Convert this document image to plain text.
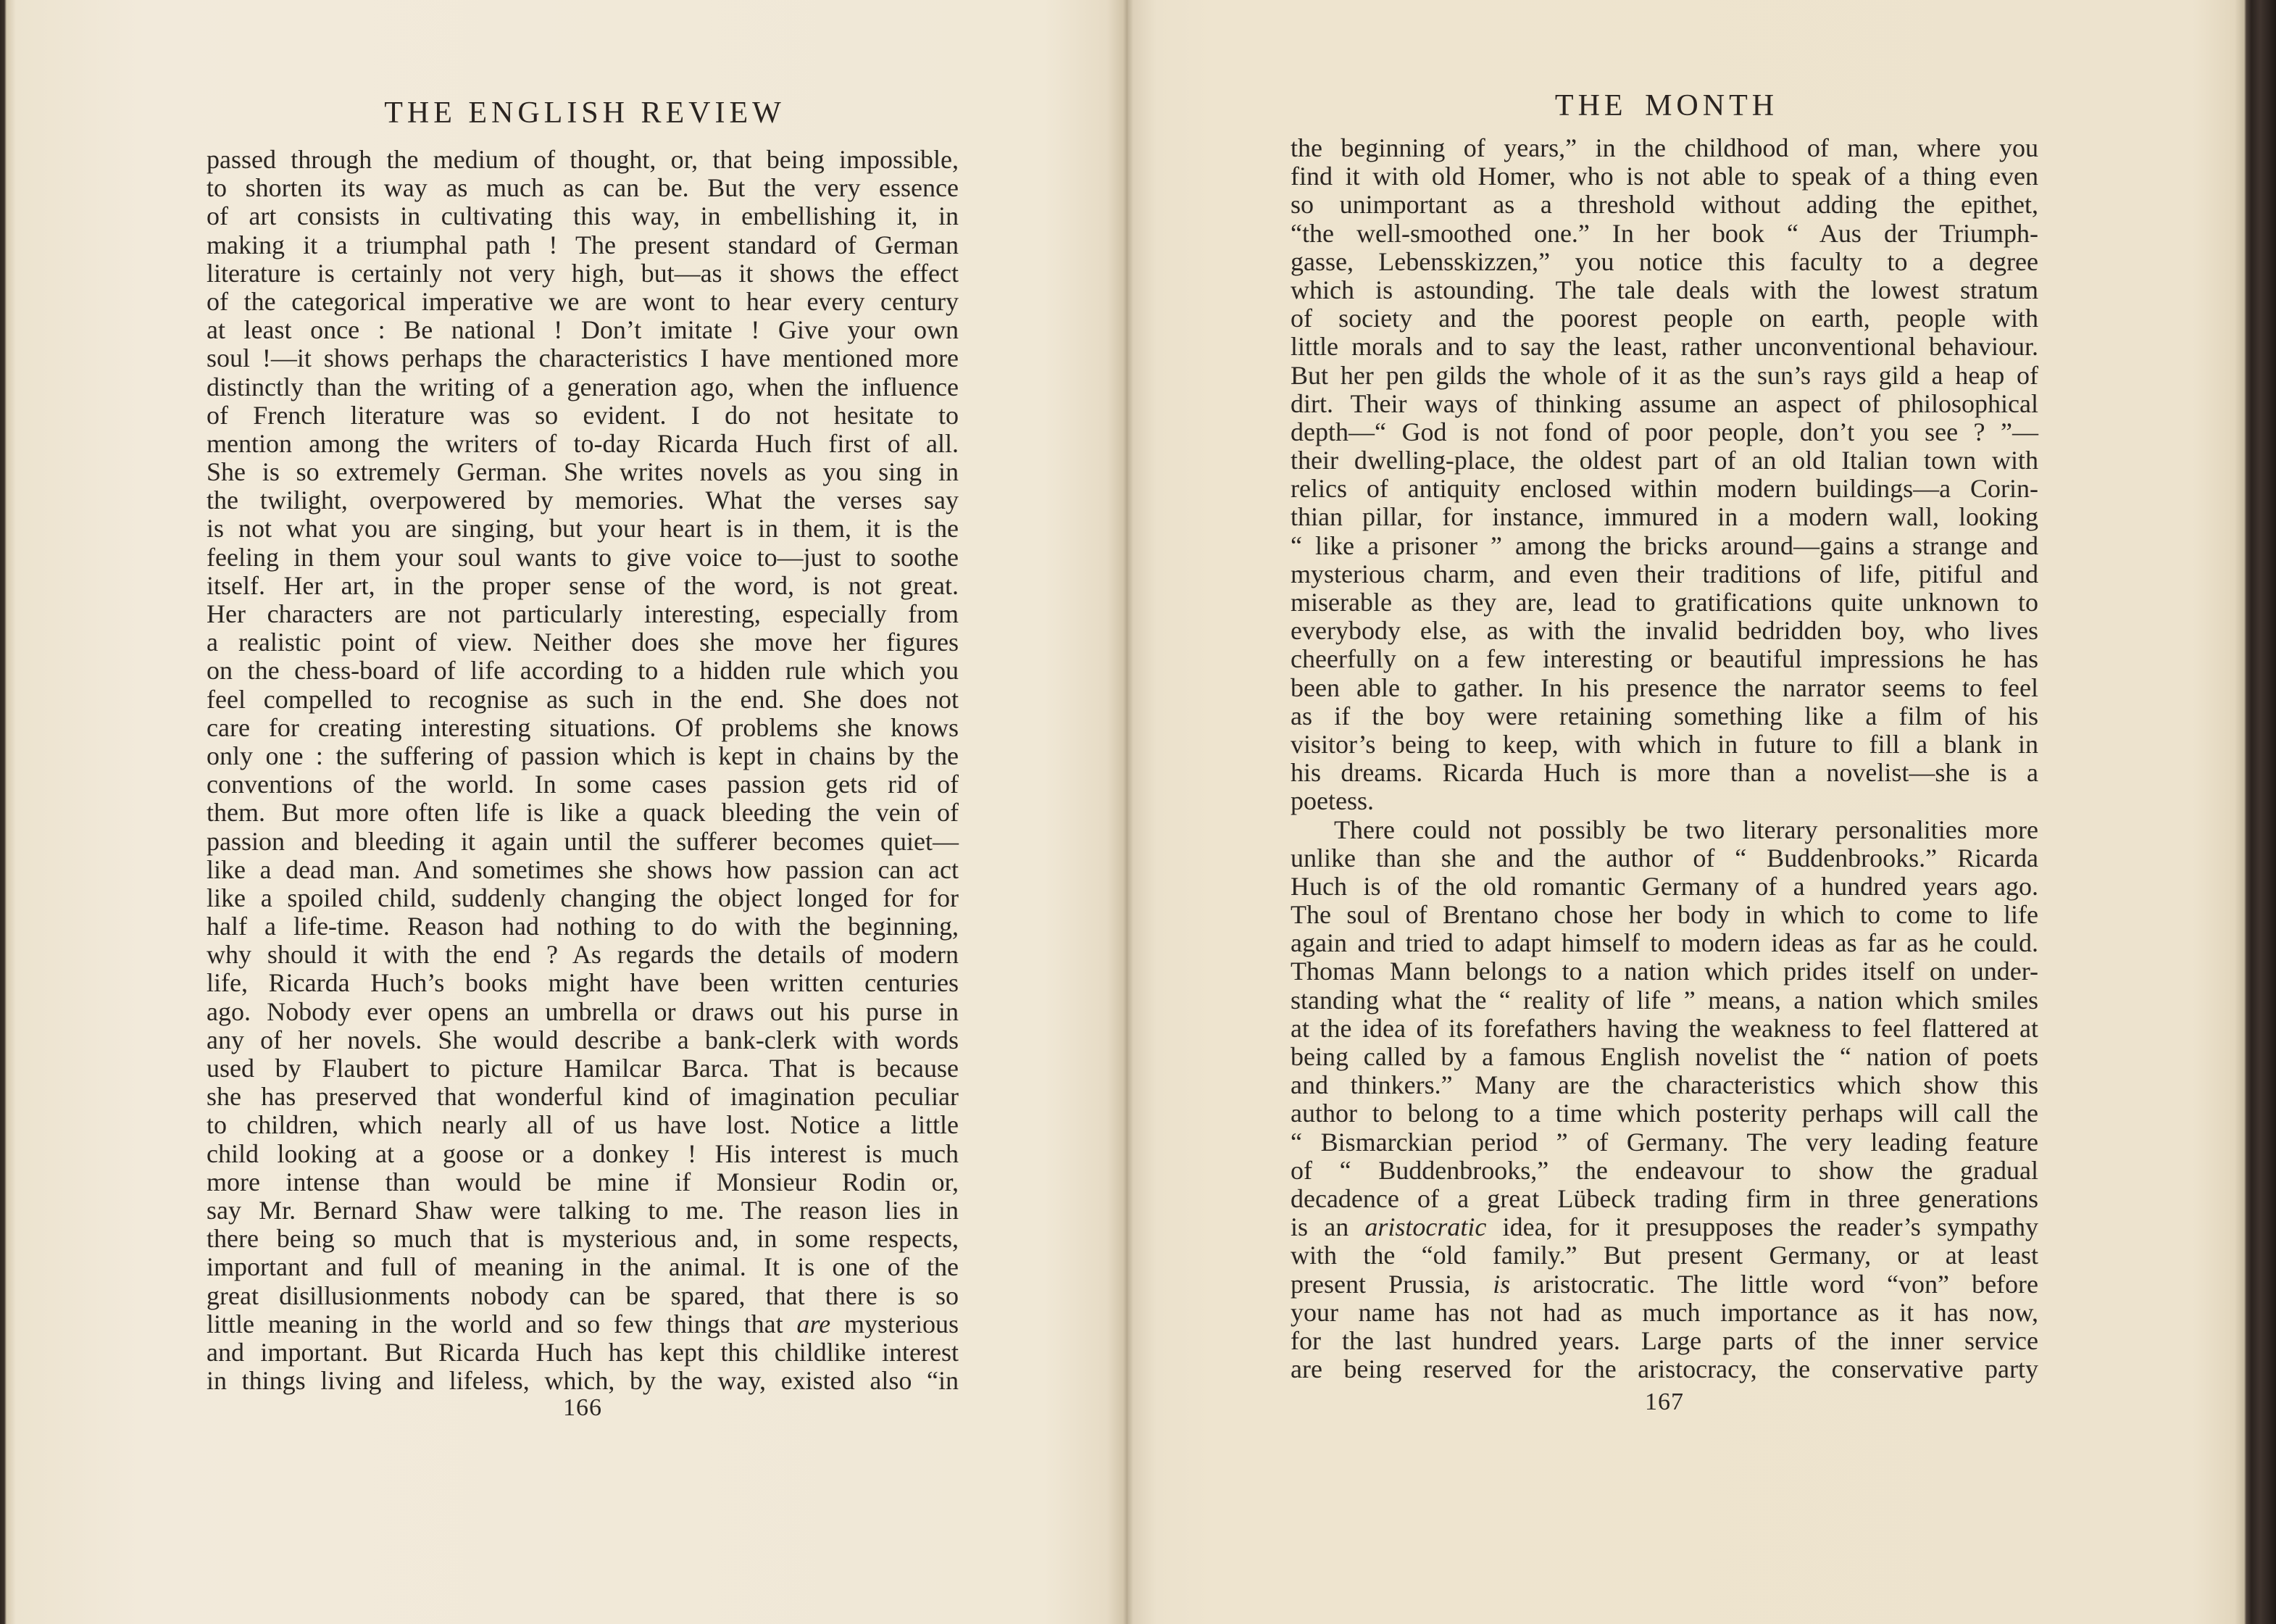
THE ENGLISH REVIEW
passed through the medium of thought, or, that being impossible,
to shorten its way as much as can be. But the very essence
of art consists in cultivating this way, in embellishing it, in
making it a triumphal path ! The present standard of German
literature is certainly not very high, but—as it shows the effect
of the categorical imperative we are wont to hear every century
at least once : Be national ! Don’t imitate ! Give your own
soul !—it shows perhaps the characteristics I have mentioned more
distinctly than the writing of a generation ago, when the influence
of French literature was so evident. I do not hesitate to
mention among the writers of to-day Ricarda Huch first of all.
She is so extremely German. She writes novels as you sing in
the twilight, overpowered by memories. What the verses say
is not what you are singing, but your heart is in them, it is the
feeling in them your soul wants to give voice to—just to soothe
itself. Her art, in the proper sense of the word, is not great.
Her characters are not particularly interesting, especially from
a realistic point of view. Neither does she move her figures
on the chess-board of life according to a hidden rule which you
feel compelled to recognise as such in the end. She does not
care for creating interesting situations. Of problems she knows
only one : the suffering of passion which is kept in chains by the
conventions of the world. In some cases passion gets rid of
them. But more often life is like a quack bleeding the vein of
passion and bleeding it again until the sufferer becomes quiet—
like a dead man. And sometimes she shows how passion can act
like a spoiled child, suddenly changing the object longed for for
half a life-time. Reason had nothing to do with the beginning,
why should it with the end ? As regards the details of modern
life, Ricarda Huch’s books might have been written centuries
ago. Nobody ever opens an umbrella or draws out his purse in
any of her novels. She would describe a bank-clerk with words
used by Flaubert to picture Hamilcar Barca. That is because
she has preserved that wonderful kind of imagination peculiar
to children, which nearly all of us have lost. Notice a little
child looking at a goose or a donkey ! His interest is much
more intense than would be mine if Monsieur Rodin or,
say Mr. Bernard Shaw were talking to me. The reason lies in
there being so much that is mysterious and, in some respects,
important and full of meaning in the animal. It is one of the
great disillusionments nobody can be spared, that there is so
little meaning in the world and so few things that are mysterious
and important. But Ricarda Huch has kept this childlike interest
in things living and lifeless, which, by the way, existed also “in
166
THE MONTH
the beginning of years,” in the childhood of man, where you
find it with old Homer, who is not able to speak of a thing even
so unimportant as a threshold without adding the epithet,
“the well-smoothed one.” In her book “ Aus der Triumph-
gasse, Lebensskizzen,” you notice this faculty to a degree
which is astounding. The tale deals with the lowest stratum
of society and the poorest people on earth, people with
little morals and to say the least, rather unconventional behaviour.
But her pen gilds the whole of it as the sun’s rays gild a heap of
dirt. Their ways of thinking assume an aspect of philosophical
depth—“ God is not fond of poor people, don’t you see ? ”—
their dwelling-place, the oldest part of an old Italian town with
relics of antiquity enclosed within modern buildings—a Corin-
thian pillar, for instance, immured in a modern wall, looking
“ like a prisoner ” among the bricks around—gains a strange and
mysterious charm, and even their traditions of life, pitiful and
miserable as they are, lead to gratifications quite unknown to
everybody else, as with the invalid bedridden boy, who lives
cheerfully on a few interesting or beautiful impressions he has
been able to gather. In his presence the narrator seems to feel
as if the boy were retaining something like a film of his
visitor’s being to keep, with which in future to fill a blank in
his dreams. Ricarda Huch is more than a novelist—she is a
poetess.
There could not possibly be two literary personalities more
unlike than she and the author of “ Buddenbrooks.” Ricarda
Huch is of the old romantic Germany of a hundred years ago.
The soul of Brentano chose her body in which to come to life
again and tried to adapt himself to modern ideas as far as he could.
Thomas Mann belongs to a nation which prides itself on under-
standing what the “ reality of life ” means, a nation which smiles
at the idea of its forefathers having the weakness to feel flattered at
being called by a famous English novelist the “ nation of poets
and thinkers.” Many are the characteristics which show this
author to belong to a time which posterity perhaps will call the
“ Bismarckian period ” of Germany. The very leading feature
of “ Buddenbrooks,” the endeavour to show the gradual
decadence of a great Lübeck trading firm in three generations
is an aristocratic idea, for it presupposes the reader’s sympathy
with the “old family.” But present Germany, or at least
present Prussia, is aristocratic. The little word “von” before
your name has not had as much importance as it has now,
for the last hundred years. Large parts of the inner service
are being reserved for the aristocracy, the conservative party
167
